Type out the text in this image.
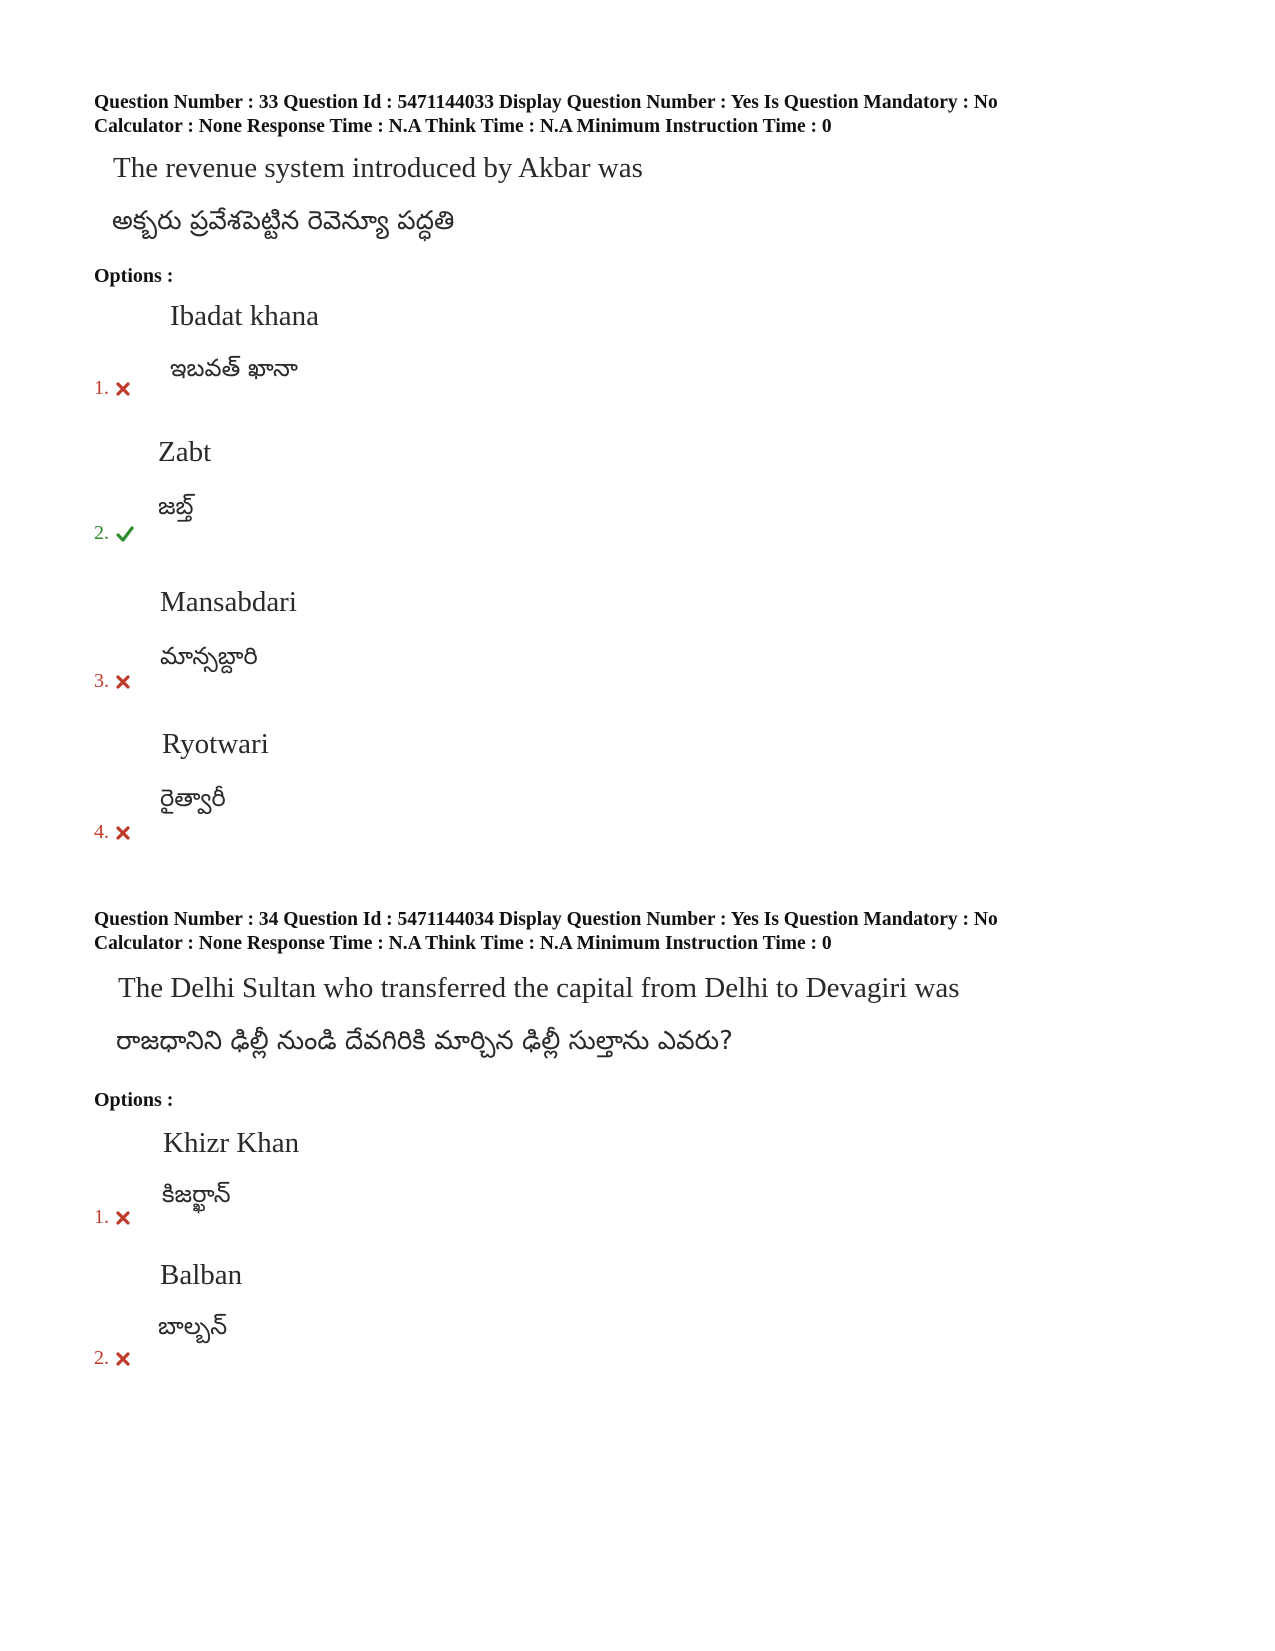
Question Number : 33 Question Id : 5471144033 Display Question Number : Yes Is Question Mandatory : No
Calculator : None Response Time : N.A Think Time : N.A Minimum Instruction Time : 0
The revenue system introduced by Akbar was
అక్బరు ప్రవేశపెట్టిన రెవెన్యూ పద్ధతి
Options :
Ibadat khana
ఇబవత్ ఖానా
1.
Zabt
జబ్త్
2.
Mansabdari
మాన్సబ్దారి
3.
Ryotwari
రైత్వారీ
4.
Question Number : 34 Question Id : 5471144034 Display Question Number : Yes Is Question Mandatory : No
Calculator : None Response Time : N.A Think Time : N.A Minimum Instruction Time : 0
The Delhi Sultan who transferred the capital from Delhi to Devagiri was
రాజధానిని ఢిల్లీ నుండి దేవగిరికి మార్చిన ఢిల్లీ సుల్తాను ఎవరు?
Options :
Khizr Khan
కిజర్ఖాన్
1.
Balban
బాల్బన్
2.
